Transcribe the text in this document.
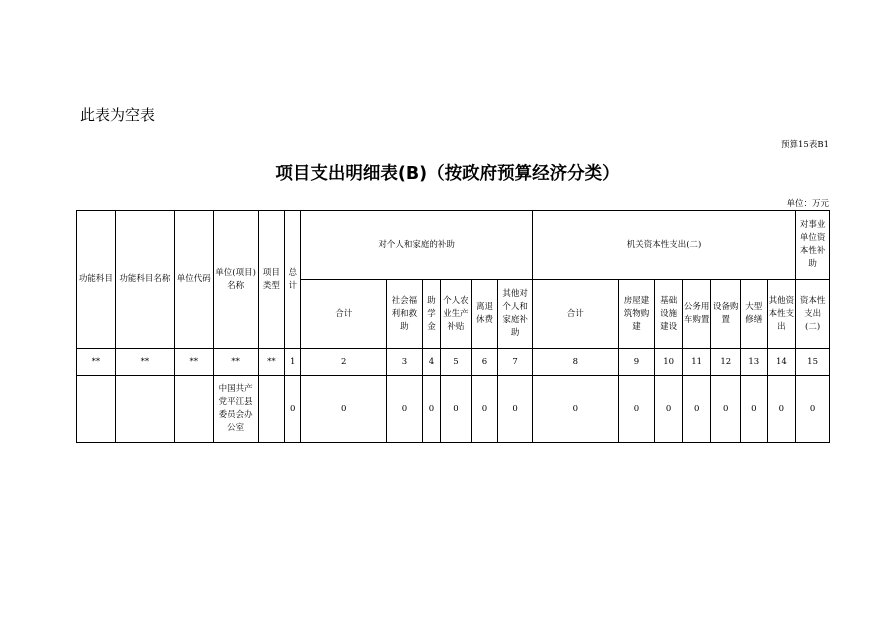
此表为空表
预算15表B1
项目支出明细表(B)（按政府预算经济分类）
单位：万元
功能科目	功能科目名称	单位代码	单位(项目)名称	项目类型	总计	对个人和家庭的补助						机关资本性支出(二)							对事业单位资本性补助
						合计	社会福利和救助	助学金	个人农业生产补贴	离退休费	其他对个人和家庭补助	合计	房屋建筑物购建	基础设施建设	公务用车购置	设备购置	大型修缮	其他资本性支出	资本性支出(二)
**	**	**	**	**	1	2	3	4	5	6	7	8	9	10	11	12	13	14	15
			中国共产党平江县委员会办公室		0	0	0	0	0	0	0	0	0	0	0	0	0	0	0
